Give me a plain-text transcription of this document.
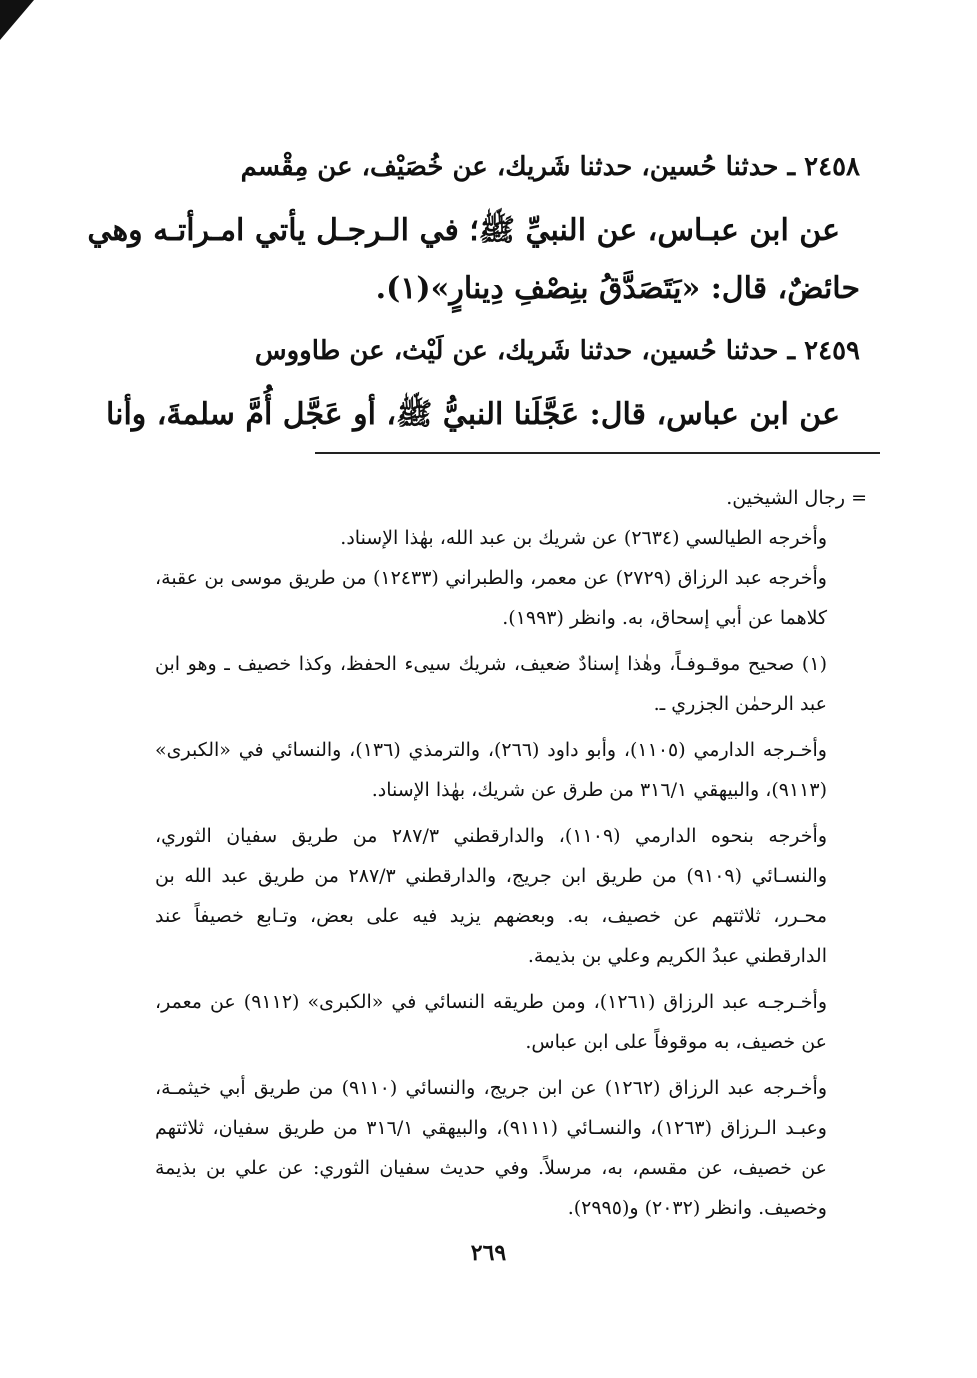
٢٤٥٨ ـ حدثنا حُسين، حدثنا شَريك، عن خُصَيْف، عن مِقْسم
عن ابن عبـاس، عن النبيِّ ﷺ؛ في الـرجـل يأتي امـرأتـه وهي
حائضٌ، قال: «يَتَصَدَّقُ بنِصْفِ دِينارٍ»(١).
٢٤٥٩ ـ حدثنا حُسين، حدثنا شَريك، عن لَيْث، عن طاووس
عن ابن عباس، قال: عَجَّلَنا النبيُّ ﷺ، أو عَجَّل أُمَّ سلمةَ، وأنا

= رجال الشيخين.

وأخرجه الطيالسي (٢٦٣٤) عن شريك بن عبد الله، بهٰذا الإسناد.

وأخرجه عبد الرزاق (٢٧٢٩) عن معمر، والطبراني (١٢٤٣٣) من طريق موسى بن عقبة، كلاهما عن أبي إسحاق، به. وانظر (١٩٩٣).

(١) صحيح موقـوفـاً، وهٰذا إسنادٌ ضعيف، شريك سيىء الحفظ، وكذا خصيف ـ وهو ابن عبد الرحمٰن الجزري ـ.

وأخـرجه الدارمي (١١٠٥)، وأبو داود (٢٦٦)، والترمذي (١٣٦)، والنسائي في «الكبرى» (٩١١٣)، والبيهقي ٣١٦/١ من طرق عن شريك، بهٰذا الإسناد.

وأخرجه بنحوه الدارمي (١١٠٩)، والدارقطني ٢٨٧/٣ من طريق سفيان الثوري، والنسـائي (٩١٠٩) من طريق ابن جريج، والدارقطني ٢٨٧/٣ من طريق عبد الله بن محـرر، ثلاثتهم عن خصيف، به. وبعضهم يزيد فيه على بعض، وتـابع خصيفاً عند الدارقطني عبدُ الكريم وعلي بن بذيمة.

وأخـرجـه عبد الرزاق (١٢٦١)، ومن طريقه النسائي في «الكبرى» (٩١١٢) عن معمر، عن خصيف، به موقوفاً على ابن عباس.

وأخـرجه عبد الرزاق (١٢٦٢) عن ابن جريج، والنسائي (٩١١٠) من طريق أبي خيثمـة، وعبـد الـرزاق (١٢٦٣)، والنسـائي (٩١١١)، والبيهقي ٣١٦/١ من طريق سفيان، ثلاثتهم عن خصيف، عن مقسم، به، مرسلاً. وفي حديث سفيان الثوري: عن علي بن بذيمة وخصيف. وانظر (٢٠٣٢) و(٢٩٩٥).

٢٦٩
